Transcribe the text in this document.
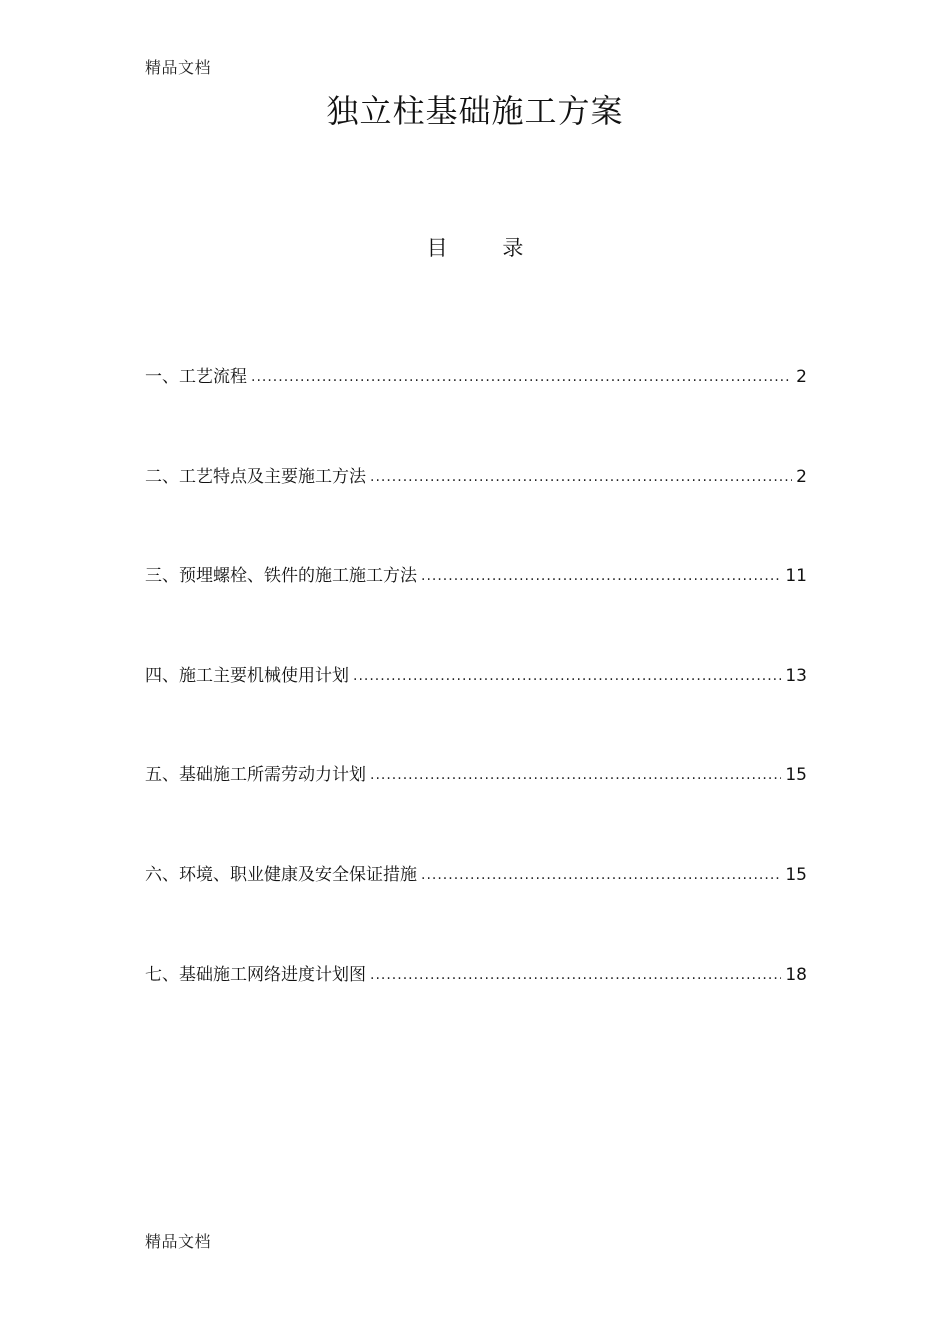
精品文档
独立柱基础施工方案
目 录
一、工艺流程 .....	2
二、工艺特点及主要施工方法 .....	2
三、预埋螺栓、铁件的施工施工方法 .....	11
四、施工主要机械使用计划 .....	13
五、基础施工所需劳动力计划 .....	15
六、环境、职业健康及安全保证措施 .....	15
七、基础施工网络进度计划图 .....	18
精品文档
